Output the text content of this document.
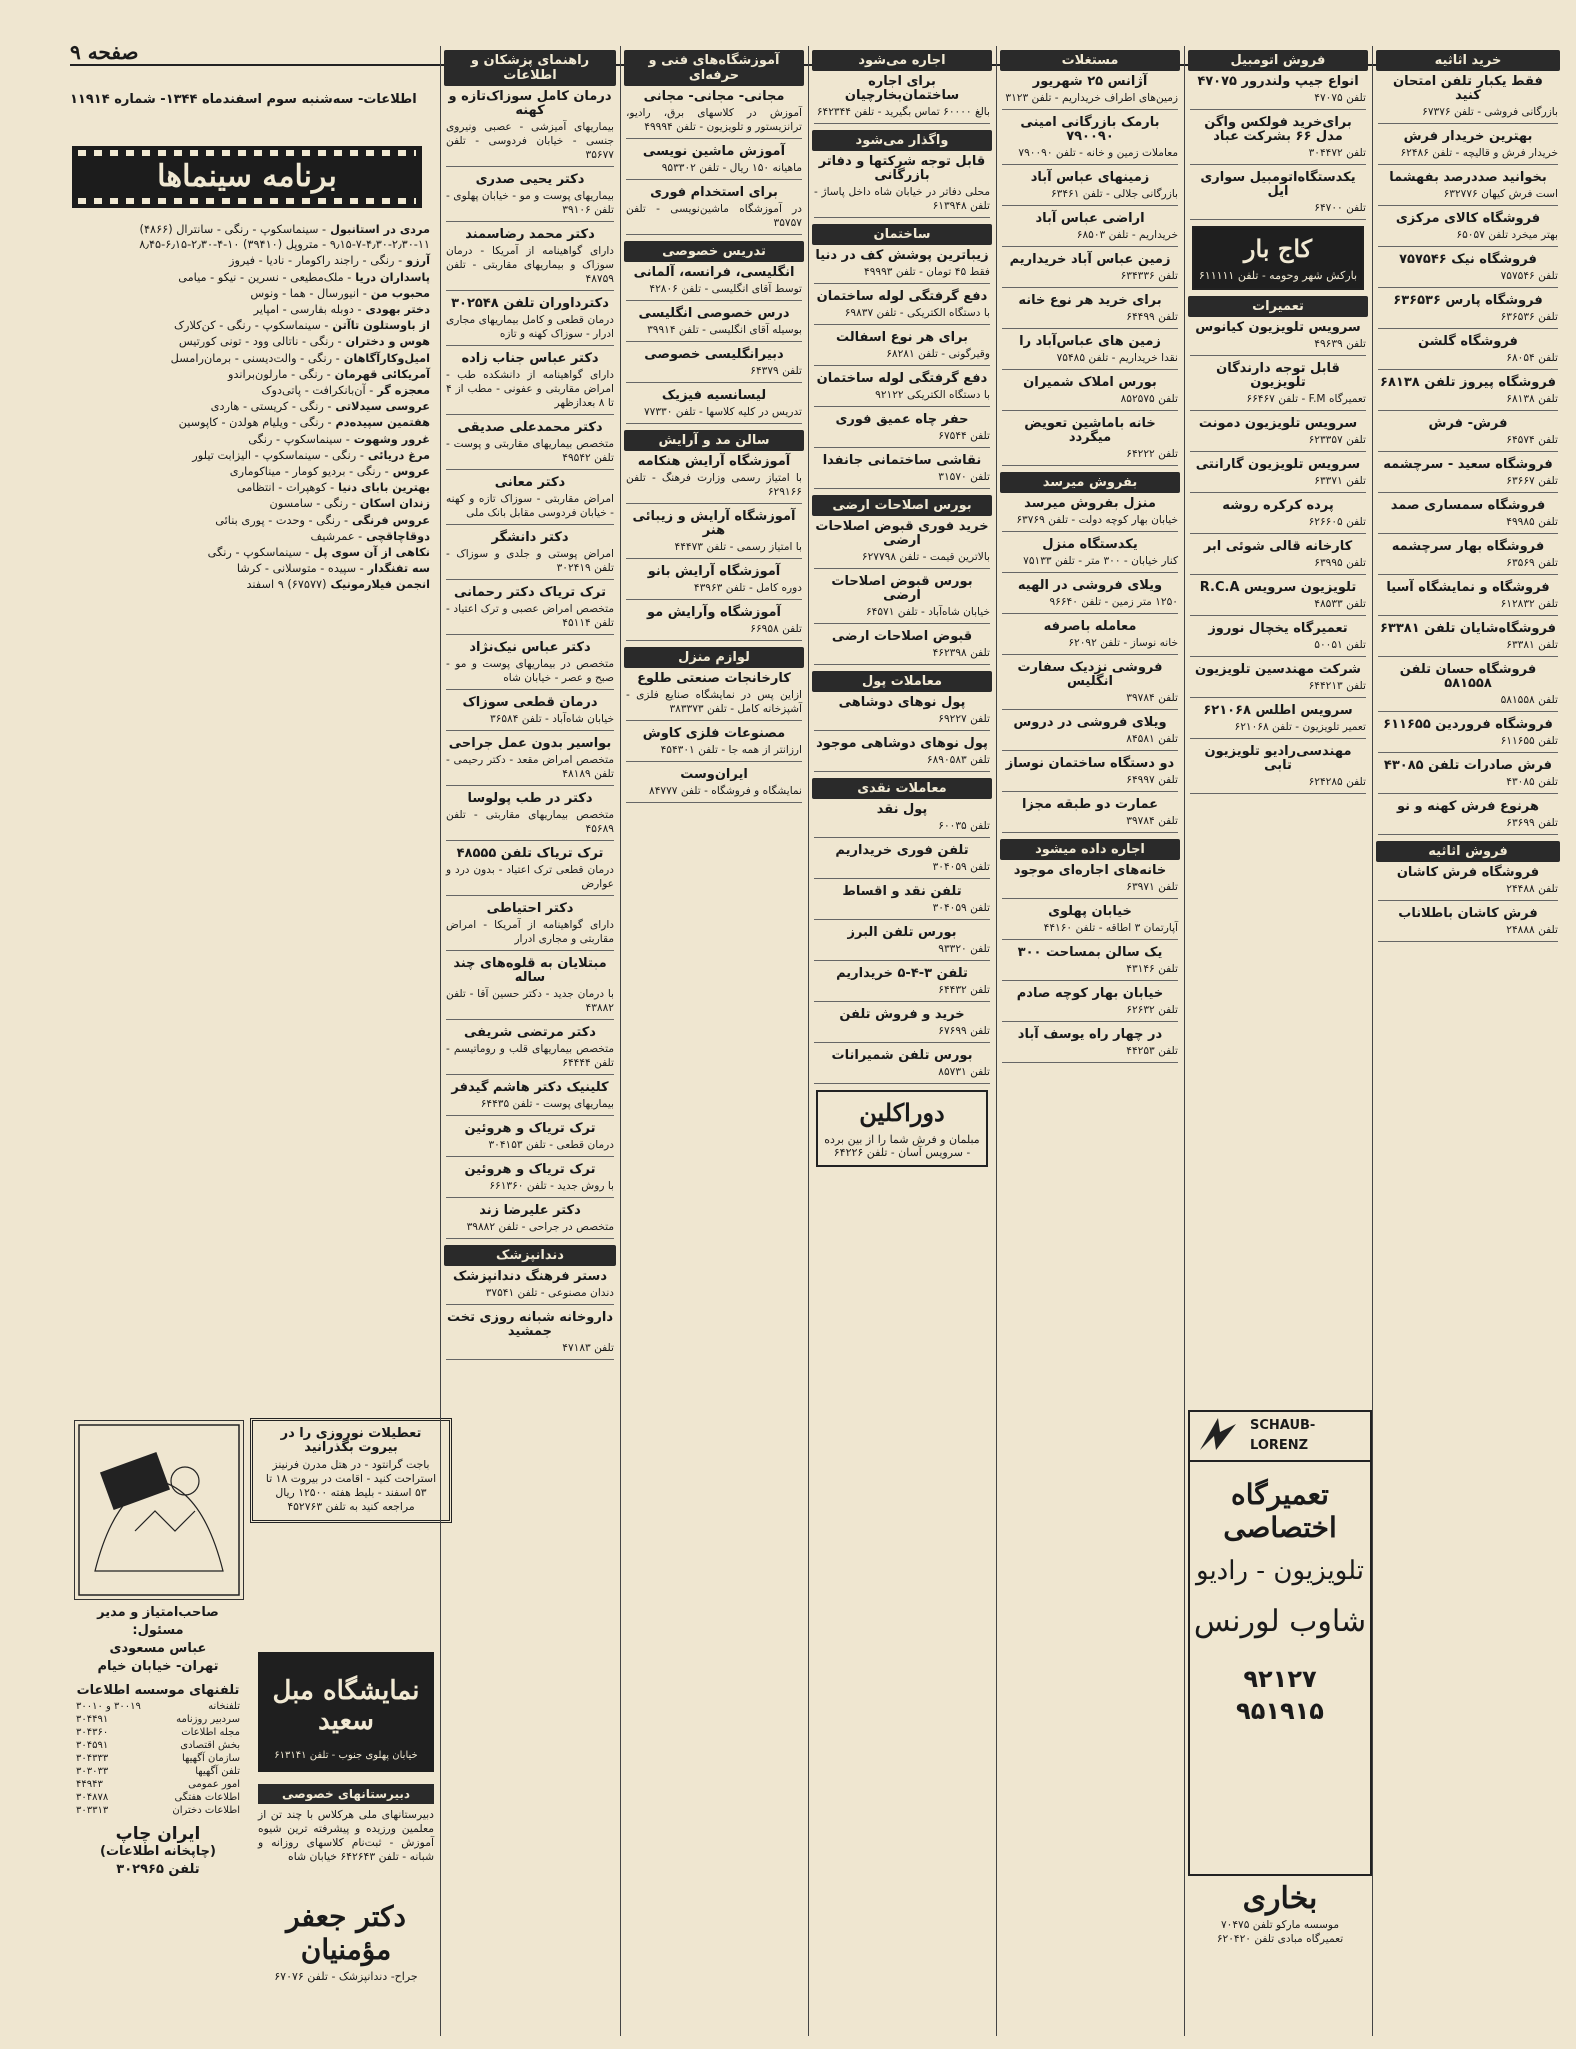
صفحه ۹
اطلاعات- سه‌شنبه سوم اسفندماه ۱۳۴۴- شماره ۱۱۹۱۴
برنامه سینماها

مردی در استانبول - سینماسکوپ - رنگی - سانترال (۴۸۶۶) ۱۱-۲٫۳۰-۴٫۳۰-۷-۹٫۱۵ - متروپل (۳۹۴۱۰) ۱۰-۴-۲٫۳۰-۶٫۱۵-۸٫۴۵

آرزو - رنگی - راجند راکومار - نادیا - فیروز

پاسداران دریا - ملک‌مطیعی - نسرین - نیکو - میامی

محبوب من - انیورسال - هما - ونوس

دختر بهودی - دوبله بفارسی - امپایر

از باوستلون تاآتن - سینماسکوپ - رنگی - کن‌کلارک

هوس و دختران - رنگی - ناتالی وود - تونی کورتیس

امیل‌وکارآگاهان - رنگی - والت‌دیسنی - برمان‌رامسل

آمریکائی قهرمان - رنگی - مارلون‌براندو

معجزه گر - آن‌بانکرافت - پاتی‌دوک

عروسی سیدلاتی - رنگی - کریستی - هاردی

هفتمین سپیده‌دم - رنگی - ویلیام هولدن - کاپوسین

غرور وشهوت - سینماسکوپ - رنگی

مرغ دریائی - رنگی - سینماسکوپ - الیزابت تیلور

عروس - رنگی - بردیو کومار - میناکوماری

بهترین بابای دنیا - کوهپرات - انتظامی

زندان اسکان - رنگی - سامسون

عروس فرنگی - رنگی - وحدت - پوری بنائی

دوقاچاقچی - عمرشیف

نکاهی از آن سوی پل - سینماسکوپ - رنگی

سه تفنگدار - سپیده - متوسلانی - کرشا

انجمن فیلارمونیک (۶۷۵۷۷) ۹ اسفند

تعطیلات نوروزی را در بیروت بگذرانید
باجت گرانتود - در هتل مدرن فرنینز استراحت کنید - اقامت در بیروت ۱۸ تا ۵۳ اسفند - بلیط هفته ۱۲۵۰۰ ریال مراجعه کنید به تلفن ۴۵۲۷۶۳
صاحب‌امتیاز و مدیر مسئول:
عباس مسعودی
تهران- خیابان خیام
تلفنهای موسسه اطلاعات
تلفنخانه	۳۰۰۱۹ و ۳۰۰۱۰
سردبیر روزنامه	۳۰۴۴۹۱
مجله اطلاعات	۳۰۴۳۶۰
بخش اقتصادی	۳۰۴۵۹۱
سازمان آگهیها	۳۰۴۳۳۳
تلفن آگهیها	۳۰۳۰۳۳
امور عمومی	۴۴۹۴۳
اطلاعات هفتگی	۳۰۴۸۷۸
اطلاعات دختران	۳۰۳۳۱۳
ایران چاپ
(چاپخانه اطلاعات)
تلفن ۳۰۲۹۶۵
نمایشگاه مبل سعید
خیابان پهلوی جنوب - تلفن ۶۱۳۱۴۱
دبیرستانهای خصوصی
دبیرستانهای ملی هرکلاس با چند تن از معلمین ورزیده و پیشرفته ترین شیوه آموزش - ثبت‌نام کلاسهای روزانه و شبانه - تلفن ۶۴۲۶۴۳ خیابان شاه
دکتر جعفر مؤمنیان
جراح- دندانپزشک - تلفن ۶۷۰۷۶
راهنمای پزشکان و اطلاعات
درمان کامل سوزاک‌تازه و کهنه
بیماریهای آمیزشی - عصبی ونیروی جنسی - خیابان فردوسی - تلفن ۳۵۶۷۷
دکتر یحیی صدری
بیماریهای پوست و مو - خیابان پهلوی - تلفن ۳۹۱۰۶
دکتر محمد رضاسمند
دارای گواهینامه از آمریکا - درمان سوزاک و بیماریهای مقاربتی - تلفن ۴۸۷۵۹
دکترداوران تلفن ۳۰۲۵۴۸
درمان قطعی و کامل بیماریهای مجاری ادرار - سوزاک کهنه و تازه
دکتر عباس جناب زاده
دارای گواهینامه از دانشکده طب - امراض مقاربتی و عفونی - مطب از ۴ تا ۸ بعدازظهر
دکتر محمدعلی صدیقی
متخصص بیماریهای مقاربتی و پوست - تلفن ۴۹۵۴۲
دکتر معانی
امراض مقاربتی - سوزاک تازه و کهنه - خیابان فردوسی مقابل بانک ملی
دکتر دانشگر
امراض پوستی و جلدی و سوزاک - تلفن ۳۰۲۴۱۹
ترک تریاک دکتر رحمانی
متخصص امراض عصبی و ترک اعتیاد - تلفن ۴۵۱۱۴
دکتر عباس نیک‌نژاد
متخصص در بیماریهای پوست و مو - صبح و عصر - خیابان شاه
درمان قطعی سوزاک
خیابان شاه‌آباد - تلفن ۳۶۵۸۴
بواسیر بدون عمل جراحی
متخصص امراض مقعد - دکتر رحیمی - تلفن ۴۸۱۸۹
دکتر در طب پولوسا
متخصص بیماریهای مقاربتی - تلفن ۴۵۶۸۹
ترک تریاک تلفن ۴۸۵۵۵
درمان قطعی ترک اعتیاد - بدون درد و عوارض
دکتر احتیاطی
دارای گواهینامه از آمریکا - امراض مقاربتی و مجاری ادرار
مبتلایان به قلوه‌های چند ساله
با درمان جدید - دکتر حسین آقا - تلفن ۴۳۸۸۲
دکتر مرتضی شریفی
متخصص بیماریهای قلب و روماتیسم - تلفن ۶۴۴۴۴
کلینیک دکتر هاشم گیدفر
بیماریهای پوست - تلفن ۶۴۴۳۵
ترک تریاک و هروئین
درمان قطعی - تلفن ۳۰۴۱۵۳
ترک تریاک و هروئین
با روش جدید - تلفن ۶۶۱۳۶۰
دکتر علیرضا زند
متخصص در جراحی - تلفن ۳۹۸۸۲
دندانپزشک
دستر فرهنگ دندانپزشک
دندان مصنوعی - تلفن ۳۷۵۴۱
داروخانه شبانه روزی تخت جمشید
تلفن ۴۷۱۸۳
آموزشگاه‌های فنی و حرفه‌ای
مجانی- مجانی- مجانی
آموزش در کلاسهای برق، رادیو، ترانزیستور و تلویزیون - تلفن ۴۹۹۹۴
آموزش ماشین نویسی
ماهیانه ۱۵۰ ریال - تلفن ۹۵۳۳۰۲
برای استخدام فوری
در آموزشگاه ماشین‌نویسی - تلفن ۳۵۷۵۷
تدریس خصوصی
انگلیسی، فرانسه، آلمانی
توسط آقای انگلیسی - تلفن ۴۲۸۰۶
درس خصوصی انگلیسی
بوسیله آقای انگلیسی - تلفن ۳۹۹۱۴
دبیرانگلیسی خصوصی
تلفن ۶۴۳۷۹
لیسانسیه فیزیک
تدریس در کلیه کلاسها - تلفن ۷۷۳۳۰
سالن مد و آرایش
آموزشگاه آرایش هنکامه
با امتیاز رسمی وزارت فرهنگ - تلفن ۶۲۹۱۶۶
آموزشگاه آرایش و زیبائی هنر
با امتیاز رسمی - تلفن ۴۴۴۷۳
آموزشگاه آرایش بانو
دوره کامل - تلفن ۴۳۹۶۳
آموزشگاه وآرایش مو
تلفن ۶۶۹۵۸
لوازم منزل
کارخانجات صنعتی طلوع
ازاین پس در نمایشگاه صنایع فلزی - آشپزخانه کامل - تلفن ۳۸۳۳۷۳
مصنوعات فلزی کاوش
ارزانتر از همه جا - تلفن ۴۵۴۳۰۱
ایران‌وست
نمایشگاه و فروشگاه - تلفن ۸۴۷۷۷
اجاره می‌شود
برای اجاره ساختمان‌بخارچیان
بالغ ۶۰۰۰۰ تماس بگیرید - تلفن ۶۴۲۳۴۴
واگذار می‌شود
قابل توجه شرکتها و دفاتر بازرگانی
محلی دفاتر در خیابان شاه داخل پاساژ - تلفن ۶۱۳۹۴۸
ساختمان
زیباترین پوشش کف در دنیا
فقط ۴۵ تومان - تلفن ۴۹۹۹۳
دفع گرفتگی لوله ساختمان
با دستگاه الکتریکی - تلفن ۶۹۸۳۷
برای هر نوع اسفالت
وقیرگونی - تلفن ۶۸۲۸۱
دفع گرفتگی لوله ساختمان
با دستگاه الکتریکی ۹۲۱۲۲
حفر چاه عمیق فوری
تلفن ۶۷۵۴۴
نقاشی ساختمانی جانفدا
تلفن ۳۱۵۷۰
بورس اصلاحات ارضی
خرید فوری قبوض اصلاحات ارضی
بالاترین قیمت - تلفن ۶۲۷۷۹۸
بورس قبوض اصلاحات ارضی
خیابان شاه‌آباد - تلفن ۶۴۵۷۱
قبوض اصلاحات ارضی
تلفن ۴۶۲۳۹۸
معاملات پول
پول نوهای دوشاهی
تلفن ۶۹۲۲۷
پول نوهای دوشاهی موجود
تلفن ۶۸۹۰۵۸۳
معاملات نقدی
پول نقد
تلفن ۶۰۰۳۵
تلفن فوری خریداریم
تلفن ۳۰۴۰۵۹
تلفن نقد و اقساط
تلفن ۳۰۴۰۵۹
بورس تلفن البرز
تلفن ۹۳۳۲۰
تلفن ۳-۴-۵ خریداریم
تلفن ۶۴۴۳۲
خرید و فروش تلفن
تلفن ۶۷۶۹۹
بورس تلفن شمیرانات
تلفن ۸۵۷۳۱
دوراکلین
مبلمان و فرش شما را از بین برده - سرویس آسان - تلفن ۶۴۲۲۶
مستغلات
آژانس ۲۵ شهریور
زمین‌های اطراف خریداریم - تلفن ۳۱۲۳
بارمک بازرگانی امینی ۷۹۰۰۹۰
معاملات زمین و خانه - تلفن ۷۹۰۰۹۰
زمینهای عباس آباد
بازرگانی جلالی - تلفن ۶۳۴۶۱
اراضی عباس آباد
خریداریم - تلفن ۶۸۵۰۳
زمین عباس آباد خریداریم
تلفن ۶۳۴۳۳۶
برای خرید هر نوع خانه
تلفن ۶۴۴۹۹
زمین های عباس‌آباد را
نقدا خریداریم - تلفن ۷۵۴۸۵
بورس املاک شمیران
تلفن ۸۵۲۵۷۵
خانه باماشین تعویض میگردد
تلفن ۶۴۲۲۲
بفروش میرسد
منزل بفروش میرسد
خیابان بهار کوچه دولت - تلفن ۶۳۷۶۹
یکدستگاه منزل
کنار خیابان - ۳۰۰ متر - تلفن ۷۵۱۳۳
ویلای فروشی در الهیه
۱۲۵۰ متر زمین - تلفن ۹۶۶۴۰
معامله باصرفه
خانه نوساز - تلفن ۶۲۰۹۲
فروشی نزدیک سفارت انگلیس
تلفن ۳۹۷۸۴
ویلای فروشی در دروس
تلفن ۸۴۵۸۱
دو دستگاه ساختمان نوساز
تلفن ۶۴۹۹۷
عمارت دو طبقه مجزا
تلفن ۳۹۷۸۴
اجاره داده میشود
خانه‌های اجاره‌ای موجود
تلفن ۶۳۹۷۱
خیابان پهلوی
آپارتمان ۳ اطاقه - تلفن ۴۴۱۶۰
یک سالن بمساحت ۳۰۰
تلفن ۴۳۱۴۶
خیابان بهار کوچه صادم
تلفن ۶۲۶۳۲
در چهار راه یوسف آباد
تلفن ۴۴۲۵۳
فروش اتومبیل
انواع جیپ ولندرور ۴۷۰۷۵
تلفن ۴۷۰۷۵
برای‌خرید فولکس واگن مدل ۶۶ بشرکت عباد
تلفن ۳۰۴۴۷۲
یکدستگاه‌اتومبیل سواری ایل
تلفن ۶۴۷۰۰
کاج بار
بارکش شهر وحومه - تلفن ۶۱۱۱۱۱
تعمیرات
سرویس تلویزیون کیانوس
تلفن ۴۹۶۳۹
قابل توجه دارندگان تلویزیون
تعمیرگاه F.M - تلفن ۶۶۴۶۷
سرویس تلویزیون دمونت
تلفن ۶۲۳۳۵۷
سرویس تلویزیون گارانتی
تلفن ۶۳۳۷۱
پرده کرکره روشه
تلفن ۶۲۶۶۰۵
کارخانه قالی شوئی ابر
تلفن ۶۳۹۹۵
تلویزیون سرویس R.C.A
تلفن ۴۸۵۳۳
تعمیرگاه یخچال نوروز
تلفن ۵۰۰۵۱
شرکت مهندسین تلویزیون
تلفن ۶۴۴۲۱۳
سرویس اطلس ۶۲۱۰۶۸
تعمیر تلویزیون - تلفن ۶۲۱۰۶۸
مهندسی‌رادیو تلویزیون تابی
تلفن ۶۲۴۲۸۵
خرید اثاثیه
فقط یکبار تلفن امتحان کنید
بازرگانی فروشی - تلفن ۶۷۳۷۶
بهترین خریدار فرش
خریدار فرش و قالیچه - تلفن ۶۲۴۸۶
بخوانید صددرصد بفهشما
است فرش کیهان ۶۳۲۷۷۶
فروشگاه کالای مرکزی
بهتر میخرد تلفن ۶۵۰۵۷
فروشگاه نیک ۷۵۷۵۴۶
تلفن ۷۵۷۵۴۶
فروشگاه پارس ۶۳۶۵۳۶
تلفن ۶۳۶۵۳۶
فروشگاه گلشن
تلفن ۶۸۰۵۴
فروشگاه پیروز تلفن ۶۸۱۳۸
تلفن ۶۸۱۳۸
فرش- فرش
تلفن ۶۴۵۷۴
فروشگاه سعید - سرچشمه
تلفن ۶۳۶۶۷
فروشگاه سمساری صمد
تلفن ۴۹۹۸۵
فروشگاه بهار سرچشمه
تلفن ۶۳۵۶۹
فروشگاه و نمایشگاه آسیا
تلفن ۶۱۲۸۳۲
فروشگاه‌شایان تلفن ۶۳۳۸۱
تلفن ۶۳۳۸۱
فروشگاه حسان تلفن ۵۸۱۵۵۸
تلفن ۵۸۱۵۵۸
فروشگاه فروردین ۶۱۱۶۵۵
تلفن ۶۱۱۶۵۵
فرش صادرات تلفن ۴۳۰۸۵
تلفن ۴۳۰۸۵
هرنوع فرش کهنه و نو
تلفن ۶۳۶۹۹
فروش اثاثیه
فروشگاه فرش کاشان
تلفن ۲۴۴۸۸
فرش کاشان باطلاناب
تلفن ۲۴۸۸۸
SCHAUB-LORENZ
تعمیرگاه اختصاصی
تلویزیون - رادیو
شاوب لورنس
۹۲۱۲۷
۹۵۱۹۱۵
بخاری
موسسه مارکو تلفن ۷۰۴۷۵
تعمیرگاه مبادی تلفن ۶۲۰۴۲۰
